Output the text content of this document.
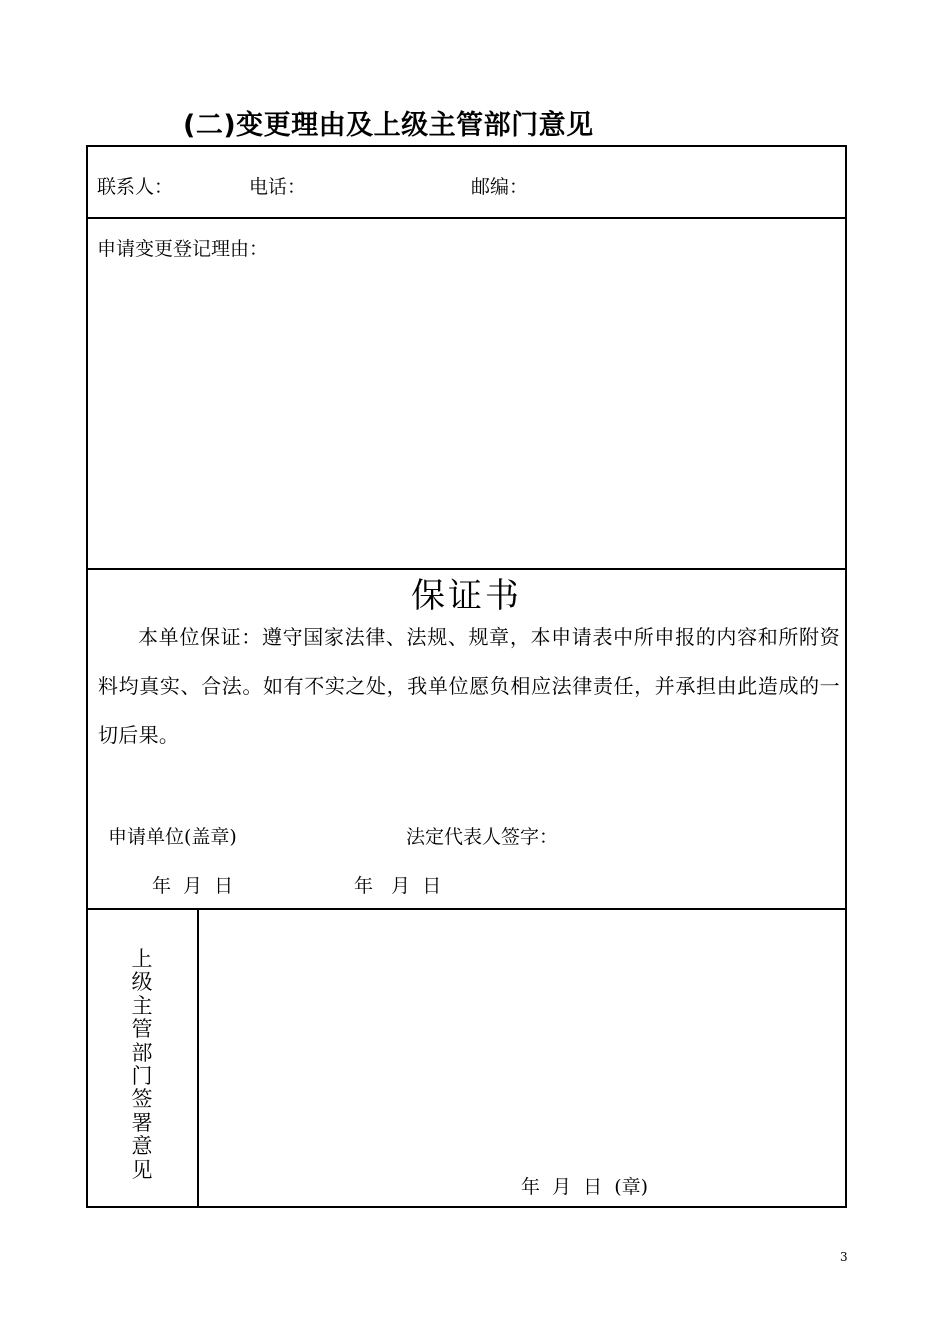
(二)变更理由及上级主管部门意见
联系人：	电话：	邮编：
申请变更登记理由：
保证书
本单位保证：遵守国家法律、法规、规章，本申请表中所申报的内容和所附资料均真实、合法。如有不实之处，我单位愿负相应法律责任，并承担由此造成的一切后果。
申请单位(盖章)	法定代表人签字：
年  月  日	年   月  日
上级主管部门签署意见
年  月  日  (章)
3
